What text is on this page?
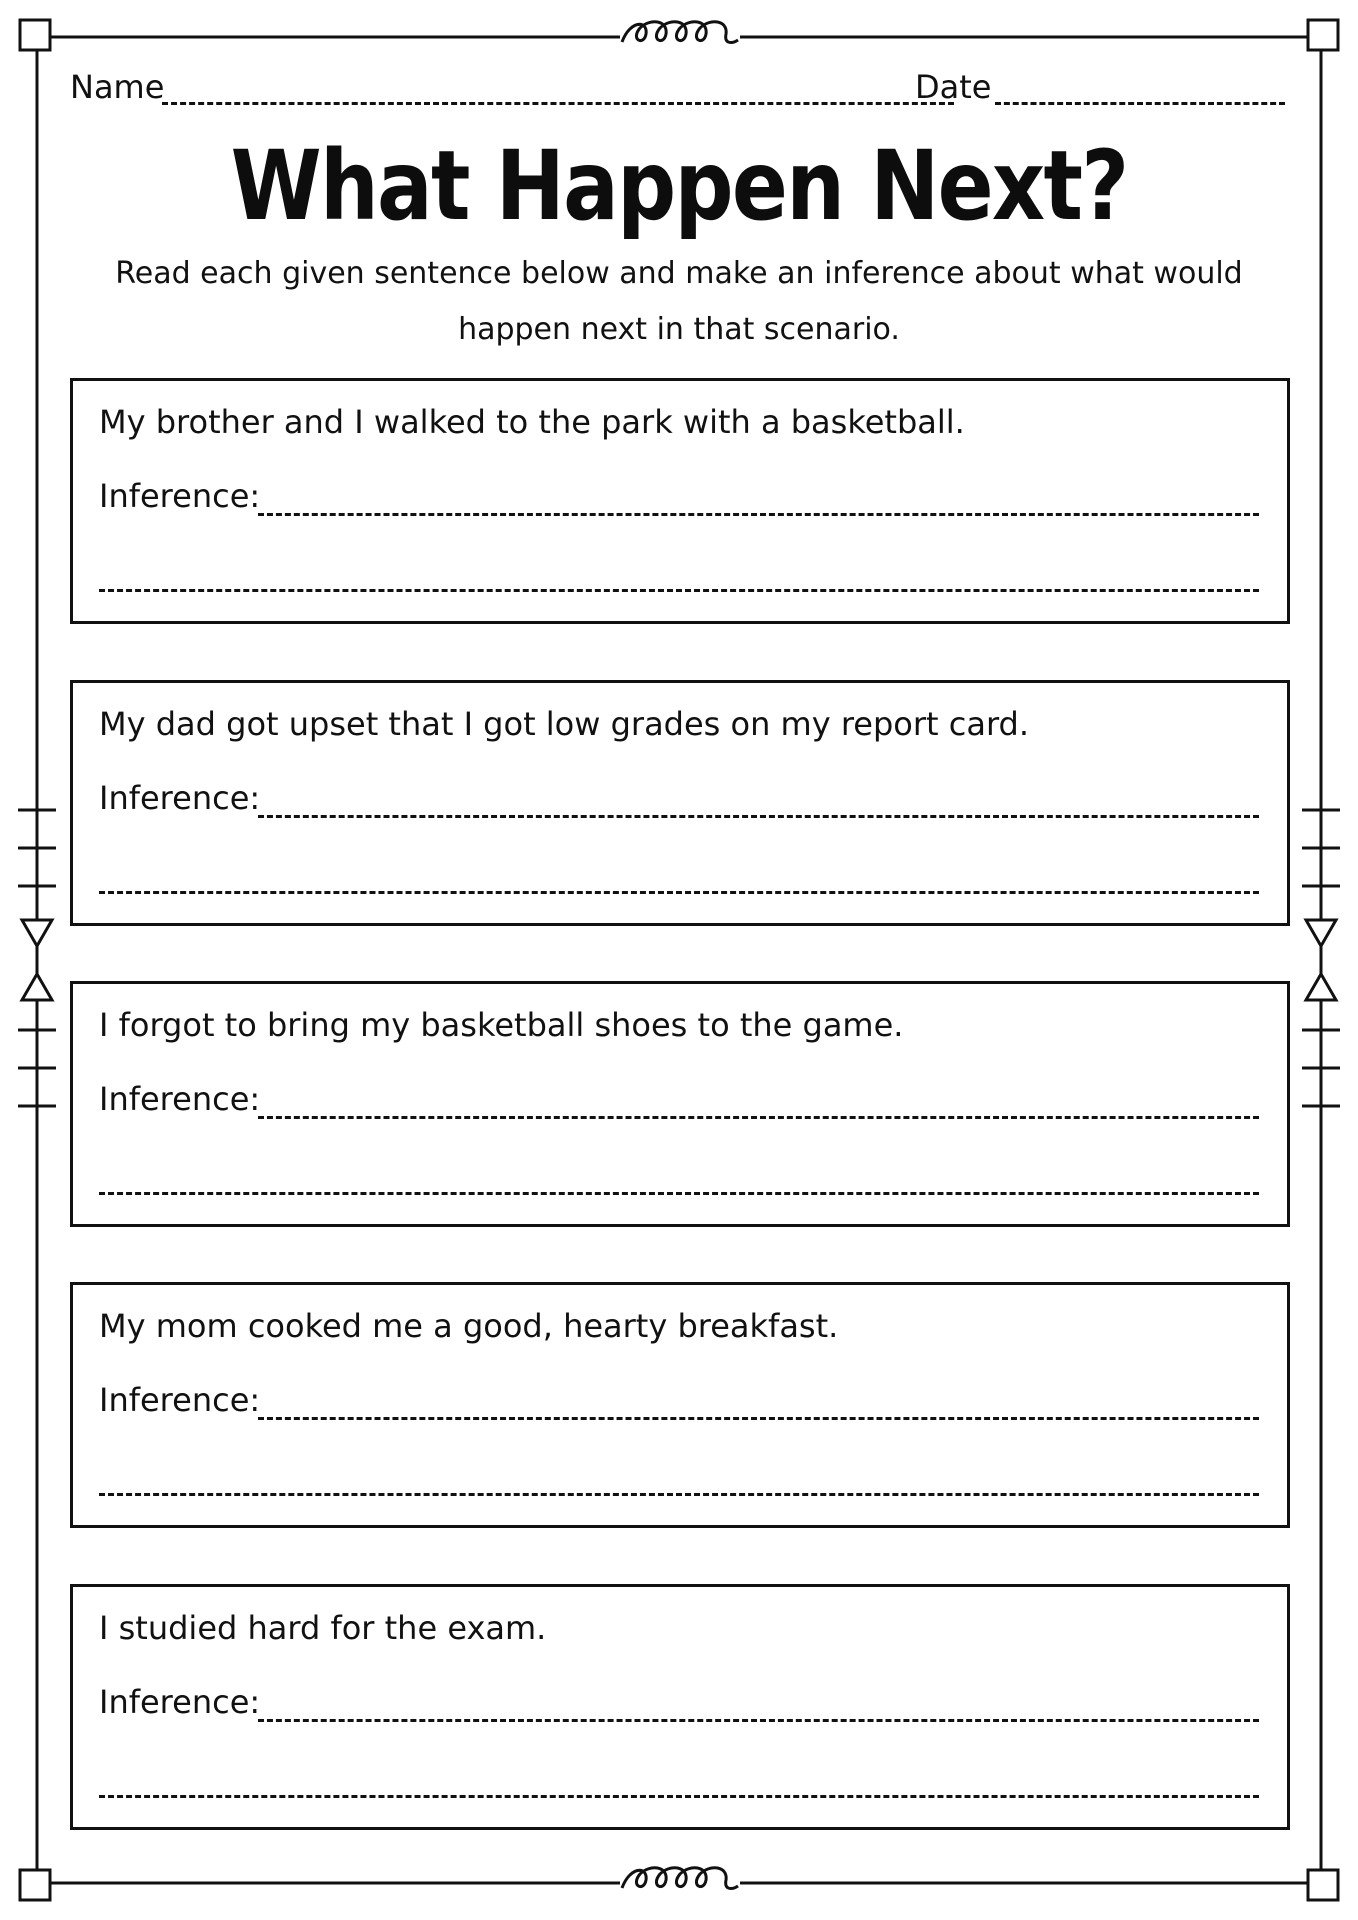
Name	Date
What Happen Next?
Read each given sentence below and make an inference about what would happen next in that scenario.
My brother and I walked to the park with a basketball.
Inference:
My dad got upset that I got low grades on my report card.
Inference:
I forgot to bring my basketball shoes to the game.
Inference:
My mom cooked me a good, hearty breakfast.
Inference:
I studied hard for the exam.
Inference:
